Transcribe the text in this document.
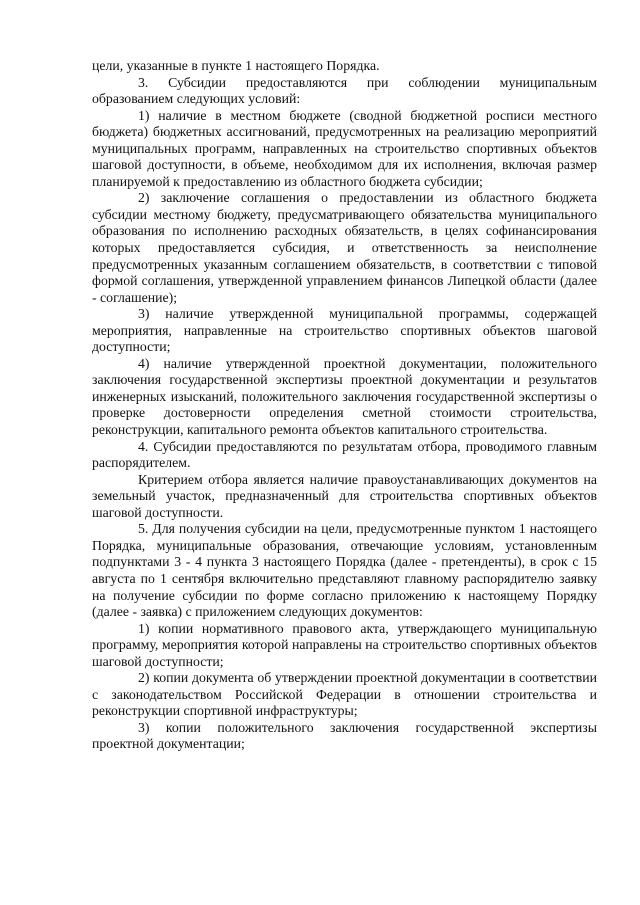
цели, указанные в пункте 1 настоящего Порядка.

3. Субсидии предоставляются при соблюдении муниципальным образованием следующих условий:

1) наличие в местном бюджете (сводной бюджетной росписи местного бюджета) бюджетных ассигнований, предусмотренных на реализацию мероприятий муниципальных программ, направленных на строительство спортивных объектов шаговой доступности, в объеме, необходимом для их исполнения, включая размер планируемой к предоставлению из областного бюджета субсидии;

2) заключение соглашения о предоставлении из областного бюджета субсидии местному бюджету, предусматривающего обязательства муниципального образования по исполнению расходных обязательств, в целях софинансирования которых предоставляется субсидия, и ответственность за неисполнение предусмотренных указанным соглашением обязательств, в соответствии с типовой формой соглашения, утвержденной управлением финансов Липецкой области (далее - соглашение);

3) наличие утвержденной муниципальной программы, содержащей мероприятия, направленные на строительство спортивных объектов шаговой доступности;

4) наличие утвержденной проектной документации, положительного заключения государственной экспертизы проектной документации и результатов инженерных изысканий, положительного заключения государственной экспертизы о проверке достоверности определения сметной стоимости строительства, реконструкции, капитального ремонта объектов капитального строительства.

4. Субсидии предоставляются по результатам отбора, проводимого главным распорядителем.

Критерием отбора является наличие правоустанавливающих документов на земельный участок, предназначенный для строительства спортивных объектов шаговой доступности.

5. Для получения субсидии на цели, предусмотренные пунктом 1 настоящего Порядка, муниципальные образования, отвечающие условиям, установленным подпунктами 3 - 4 пункта 3 настоящего Порядка (далее - претенденты), в срок с 15 августа по 1 сентября включительно представляют главному распорядителю заявку на получение субсидии по форме согласно приложению к настоящему Порядку (далее - заявка) с приложением следующих документов:

1) копии нормативного правового акта, утверждающего муниципальную программу, мероприятия которой направлены на строительство спортивных объектов шаговой доступности;

2) копии документа об утверждении проектной документации в соответствии с законодательством Российской Федерации в отношении строительства и реконструкции спортивной инфраструктуры;

3) копии положительного заключения государственной экспертизы проектной документации;
